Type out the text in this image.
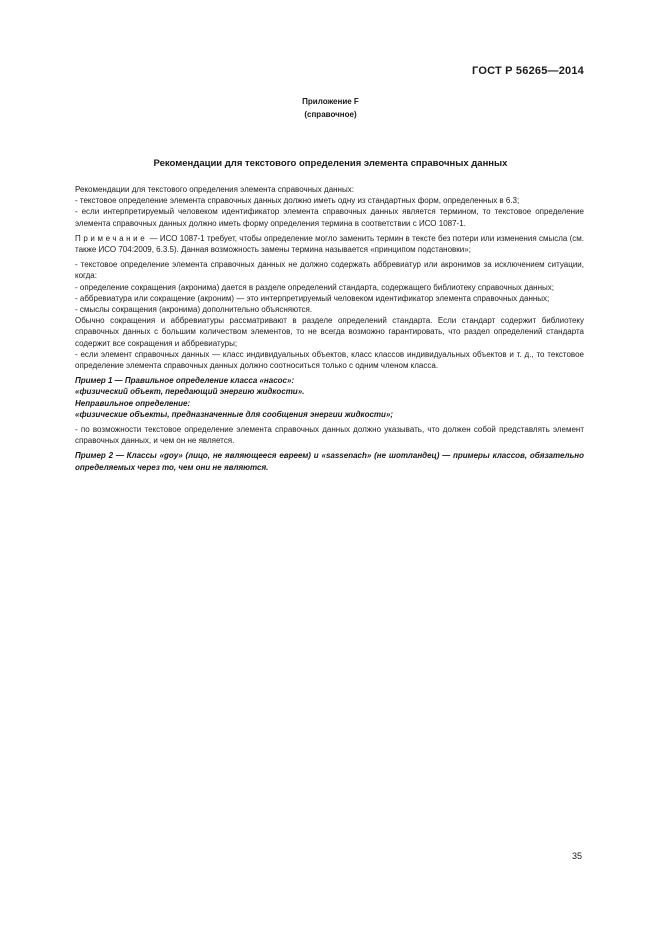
ГОСТ Р 56265—2014
Приложение F
(справочное)
Рекомендации для текстового определения элемента справочных данных

Рекомендации для текстового определения элемента справочных данных:

- текстовое определение элемента справочных данных должно иметь одну из стандартных форм, определенных в 6.3;

- если интерпретируемый человеком идентификатор элемента справочных данных является термином, то текстовое определение элемента справочных данных должно иметь форму определения термина в соответствии с ИСО 1087-1.

Примечание — ИСО 1087-1 требует, чтобы определение могло заменить термин в тексте без потери или изменения смысла (см. также ИСО 704:2009, 6.3.5). Данная возможность замены термина называется «принципом подстановки»;

- текстовое определение элемента справочных данных не должно содержать аббревиатур или акронимов за исключением ситуации, когда:

- определение сокращения (акронима) дается в разделе определений стандарта, содержащего библиотеку справочных данных;

- аббревиатура или сокращение (акроним) — это интерпретируемый человеком идентификатор элемента справочных данных;

- смыслы сокращения (акронима) дополнительно объясняются.

Обычно сокращения и аббревиатуры рассматривают в разделе определений стандарта. Если стандарт содержит библиотеку справочных данных с большим количеством элементов, то не всегда возможно гарантировать, что раздел определений стандарта содержит все сокращения и аббревиатуры;

- если элемент справочных данных — класс индивидуальных объектов, класс классов индивидуальных объектов и т. д., то текстовое определение элемента справочных данных должно соотноситься только с одним членом класса.

Пример 1 — Правильное определение класса «насос»:

«физический объект, передающий энергию жидкости».

Неправильное определение:

«физические объекты, предназначенные для сообщения энергии жидкости»;

- по возможности текстовое определение элемента справочных данных должно указывать, что должен собой представлять элемент справочных данных, и чем он не является.

Пример 2 — Классы «goy» (лицо, не являющееся евреем) и «sassenach» (не шотландец) — примеры классов, обязательно определяемых через то, чем они не являются.

35
